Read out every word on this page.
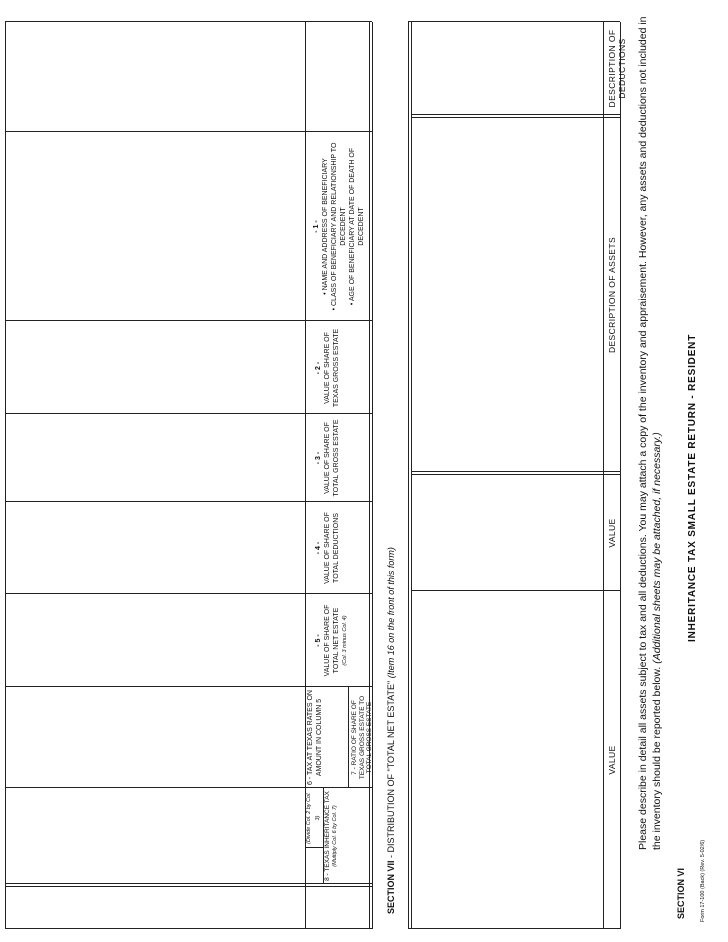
Form 17-100 (Back) (Rev. 5-02/6)
SECTION VI
INHERITANCE TAX SMALL ESTATE RETURN - RESIDENT
Please describe in detail all assets subject to tax and all deductions. You may attach a copy of the inventory and appraisement. However, any assets and deductions not included in the inventory should be reported below. (Additional sheets may be attached, if necessary.)
DESCRIPTION OF ASSETS
VALUE
DESCRIPTION OF DEDUCTIONS
VALUE
SECTION VII - DISTRIBUTION OF "TOTAL NET ESTATE" (Item 16 on the front of this form)
- 1 - • NAME AND ADDRESS OF BENEFICIARY • CLASS OF BENEFICIARY AND RELATIONSHIP TO DECEDENT • AGE OF BENEFICIARY AT DATE OF DEATH OF DECEDENT
- 2 - VALUE OF SHARE OF TEXAS GROSS ESTATE
- 3 - VALUE OF SHARE OF TOTAL GROSS ESTATE
- 4 - VALUE OF SHARE OF TOTAL DEDUCTIONS
- 5 - VALUE OF SHARE OF TOTAL NET ESTATE (Col. 3 minus Col. 4)
7 - RATIO OF SHARE OF TEXAS GROSS ESTATE TO TOTAL GROSS ESTATE
6 - TAX AT TEXAS RATES ON AMOUNT IN COLUMN 5
(Divide Col. 2 by Col. 3) 8 - TEXAS INHERITANCE TAX (Multiply Col. 6 by Col. 7)
